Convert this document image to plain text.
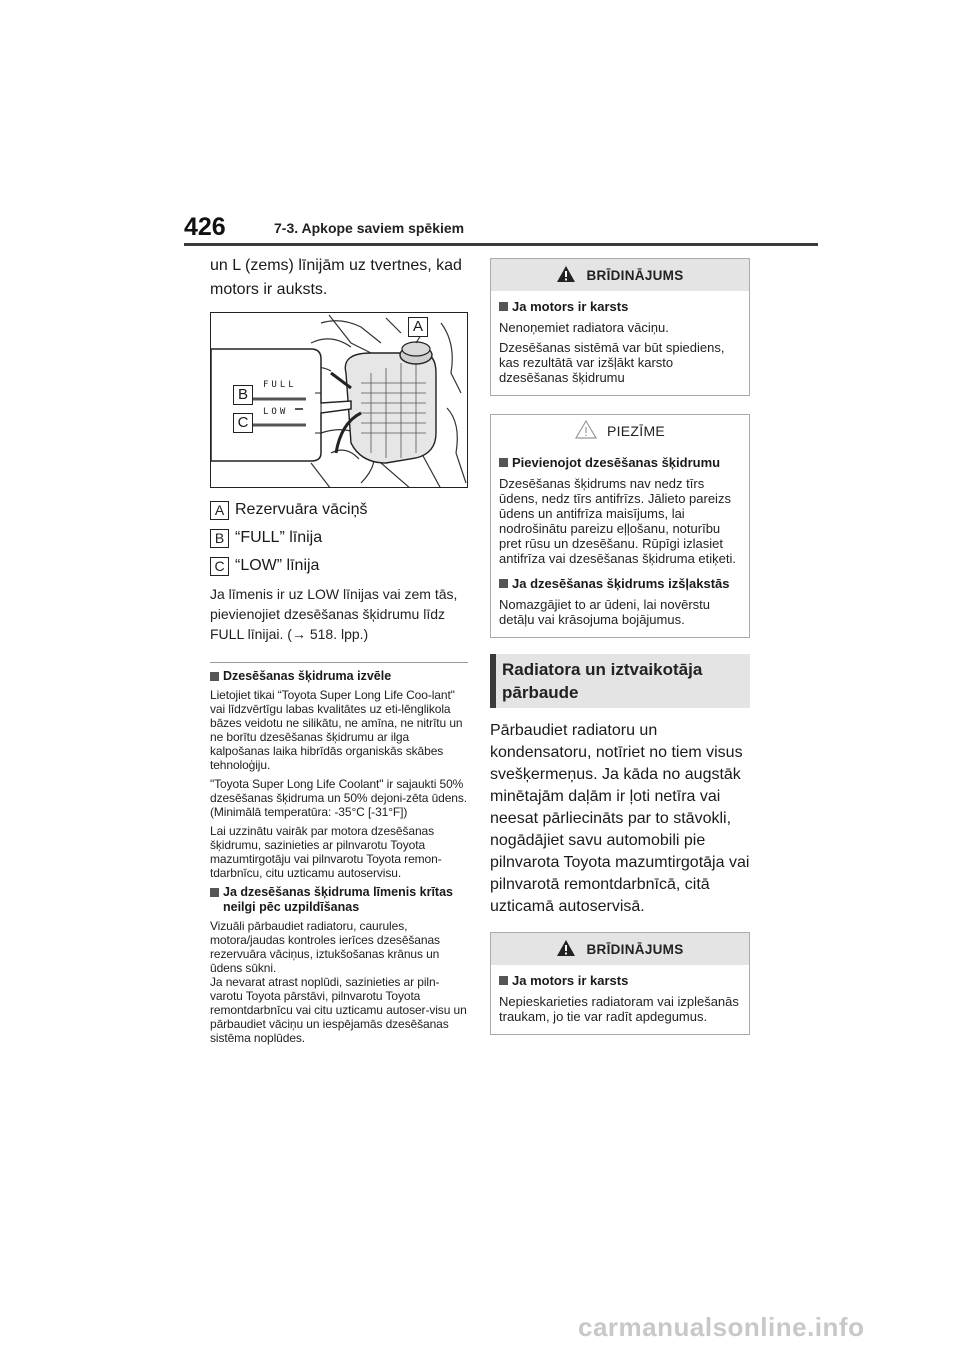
426	7-3. Apkope saviem spēkiem
un L (zems) līnijām uz tvertnes, kad motors ir auksts.
FULL
LOW
A
B
C
A Rezervuāra vāciņš
B “FULL” līnija
C “LOW” līnija
Ja līmenis ir uz LOW līnijas vai zem tās, pievienojiet dzesēšanas šķidrumu līdz FULL līnijai. (→ 518. lpp.)
Dzesēšanas šķidruma izvēle

Lietojiet tikai “Toyota Super Long Life Coo-lant" vai līdzvērtīgu labas kvalitātes uz eti-lēnglikola bāzes veidotu ne silikātu, ne amīna, ne nitrītu un ne borītu dzesēšanas šķidrumu ar ilga kalpošanas laika hibrīdās organiskās skābes tehnoloģiju.

"Toyota Super Long Life Coolant" ir sajaukti 50% dzesēšanas šķidruma un 50% dejoni-zēta ūdens. (Minimālā temperatūra: -35°C [-31°F])

Lai uzzinātu vairāk par motora dzesēšanas šķidrumu, sazinieties ar pilnvarotu Toyota mazumtirgotāju vai pilnvarotu Toyota remon-tdarbnīcu, citu uzticamu autoservisu.

Ja dzesēšanas šķidruma līmenis krītas neilgi pēc uzpildīšanas
Vizuāli pārbaudiet radiatoru, caurules, motora/jaudas kontroles ierīces dzesēšanas rezervuāra vāciņus, iztukšošanas krānus un ūdens sūkni.
Ja nevarat atrast noplūdi, sazinieties ar piln-varotu Toyota pārstāvi, pilnvarotu Toyota remontdarbnīcu vai citu uzticamu autoser-visu un pārbaudiet vāciņu un iespējamās dzesēšanas sistēma noplūdes.
BRĪDINĀJUMS
Ja motors ir karsts
Nenoņemiet radiatora vāciņu.
Dzesēšanas sistēmā var būt spiediens, kas rezultātā var izšļākt karsto dzesēšanas šķidrumu
PIEZĪME
Pievienojot dzesēšanas šķidrumu
Dzesēšanas šķidrums nav nedz tīrs ūdens, nedz tīrs antifrīzs. Jālieto pareizs ūdens un antifrīza maisījums, lai nodrošinātu pareizu eļļošanu, noturību pret rūsu un dzesēšanu. Rūpīgi izlasiet antifrīza vai dzesēšanas šķidruma etiķeti.
Ja dzesēšanas šķidrums izšļakstās
Nomazgājiet to ar ūdeni, lai novērstu detāļu vai krāsojuma bojājumus.
Radiatora un iztvaikotāja
pārbaude
Pārbaudiet radiatoru un kondensatoru, notīriet no tiem visus svešķermeņus. Ja kāda no augstāk minētajām daļām ir ļoti netīra vai neesat pārliecināts par to stāvokli, nogādājiet savu automobili pie pilnvarota Toyota mazumtirgotāja vai pilnvarotā remontdarbnīcā, citā uzticamā autoservisā.
BRĪDINĀJUMS
Ja motors ir karsts
Nepieskarieties radiatoram vai izplešanās traukam, jo tie var radīt apdegumus.
carmanualsonline.info
